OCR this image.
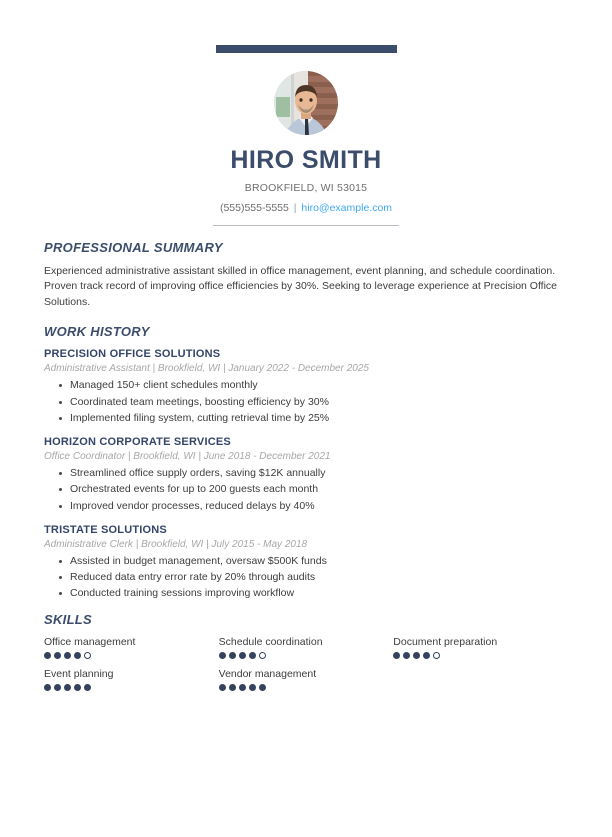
HIRO SMITH
BROOKFIELD, WI 53015
(555)555-5555 | hiro@example.com
PROFESSIONAL SUMMARY

Experienced administrative assistant skilled in office management, event planning, and schedule coordination. Proven track record of improving office efficiencies by 30%. Seeking to leverage experience at Precision Office Solutions.

WORK HISTORY
PRECISION OFFICE SOLUTIONS
Administrative Assistant | Brookfield, WI | January 2022 - December 2025
Managed 150+ client schedules monthly
Coordinated team meetings, boosting efficiency by 30%
Implemented filing system, cutting retrieval time by 25%
HORIZON CORPORATE SERVICES
Office Coordinator | Brookfield, WI | June 2018 - December 2021
Streamlined office supply orders, saving $12K annually
Orchestrated events for up to 200 guests each month
Improved vendor processes, reduced delays by 40%
TRISTATE SOLUTIONS
Administrative Clerk | Brookfield, WI | July 2015 - May 2018
Assisted in budget management, oversaw $500K funds
Reduced data entry error rate by 20% through audits
Conducted training sessions improving workflow
SKILLS
Office management	Schedule coordination	Document preparation
Event planning	Vendor management
